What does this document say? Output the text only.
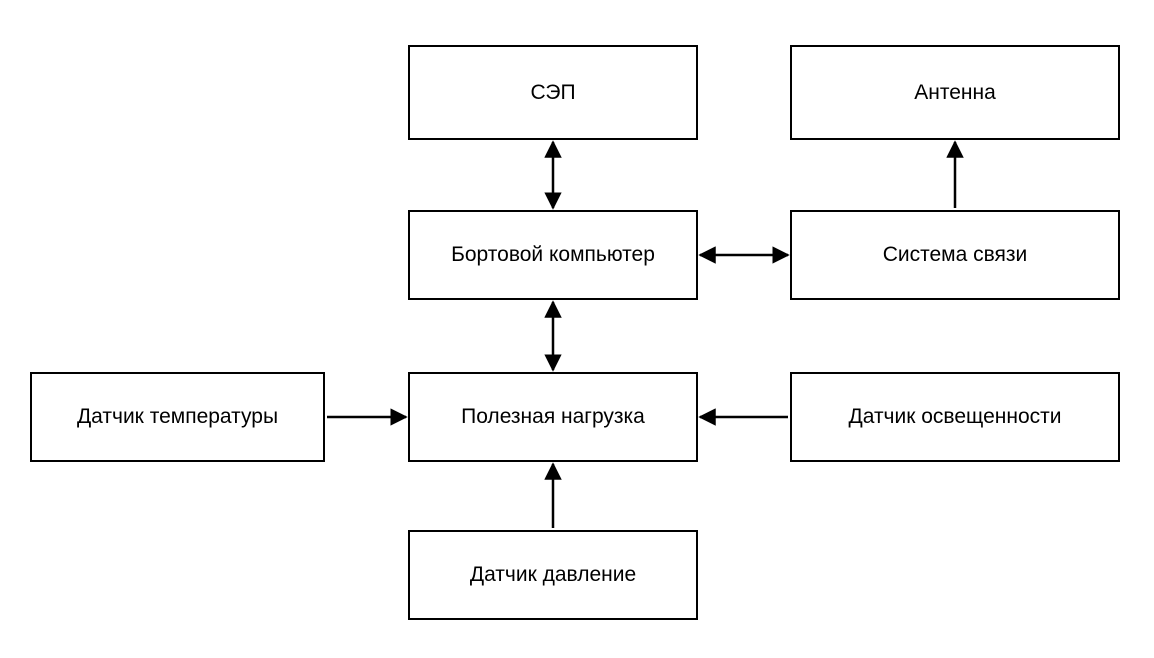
СЭП	Антенна
Бортовой компьютер	Система связи
Полезная нагрузка
Датчик температуры	Датчик освещенности
Датчик давление
